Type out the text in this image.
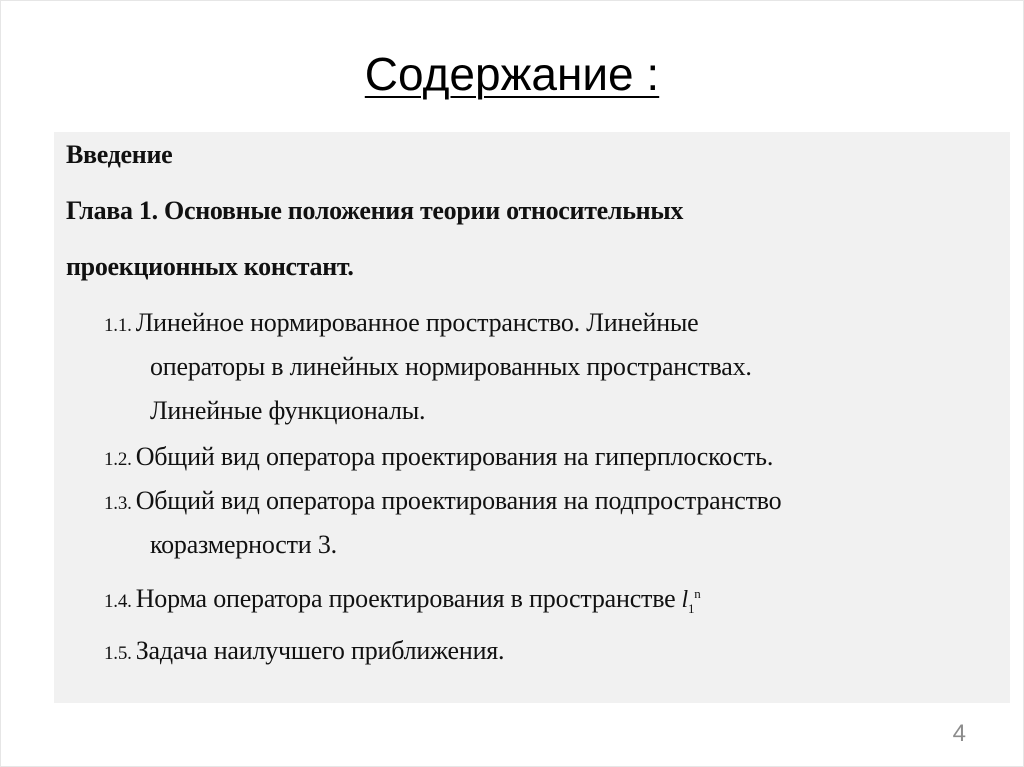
Содержание :
Введение
Глава 1. Основные положения теории относительных
проекционных констант.
1.1. Линейное нормированное пространство. Линейные
операторы в линейных нормированных пространствах.
Линейные функционалы.
1.2. Общий вид оператора проектирования на гиперплоскость.
1.3. Общий вид оператора проектирования на подпространство
коразмерности 3.
1.4. Норма оператора проектирования в пространстве $l_1^n$
1.5. Задача наилучшего приближения.
4
